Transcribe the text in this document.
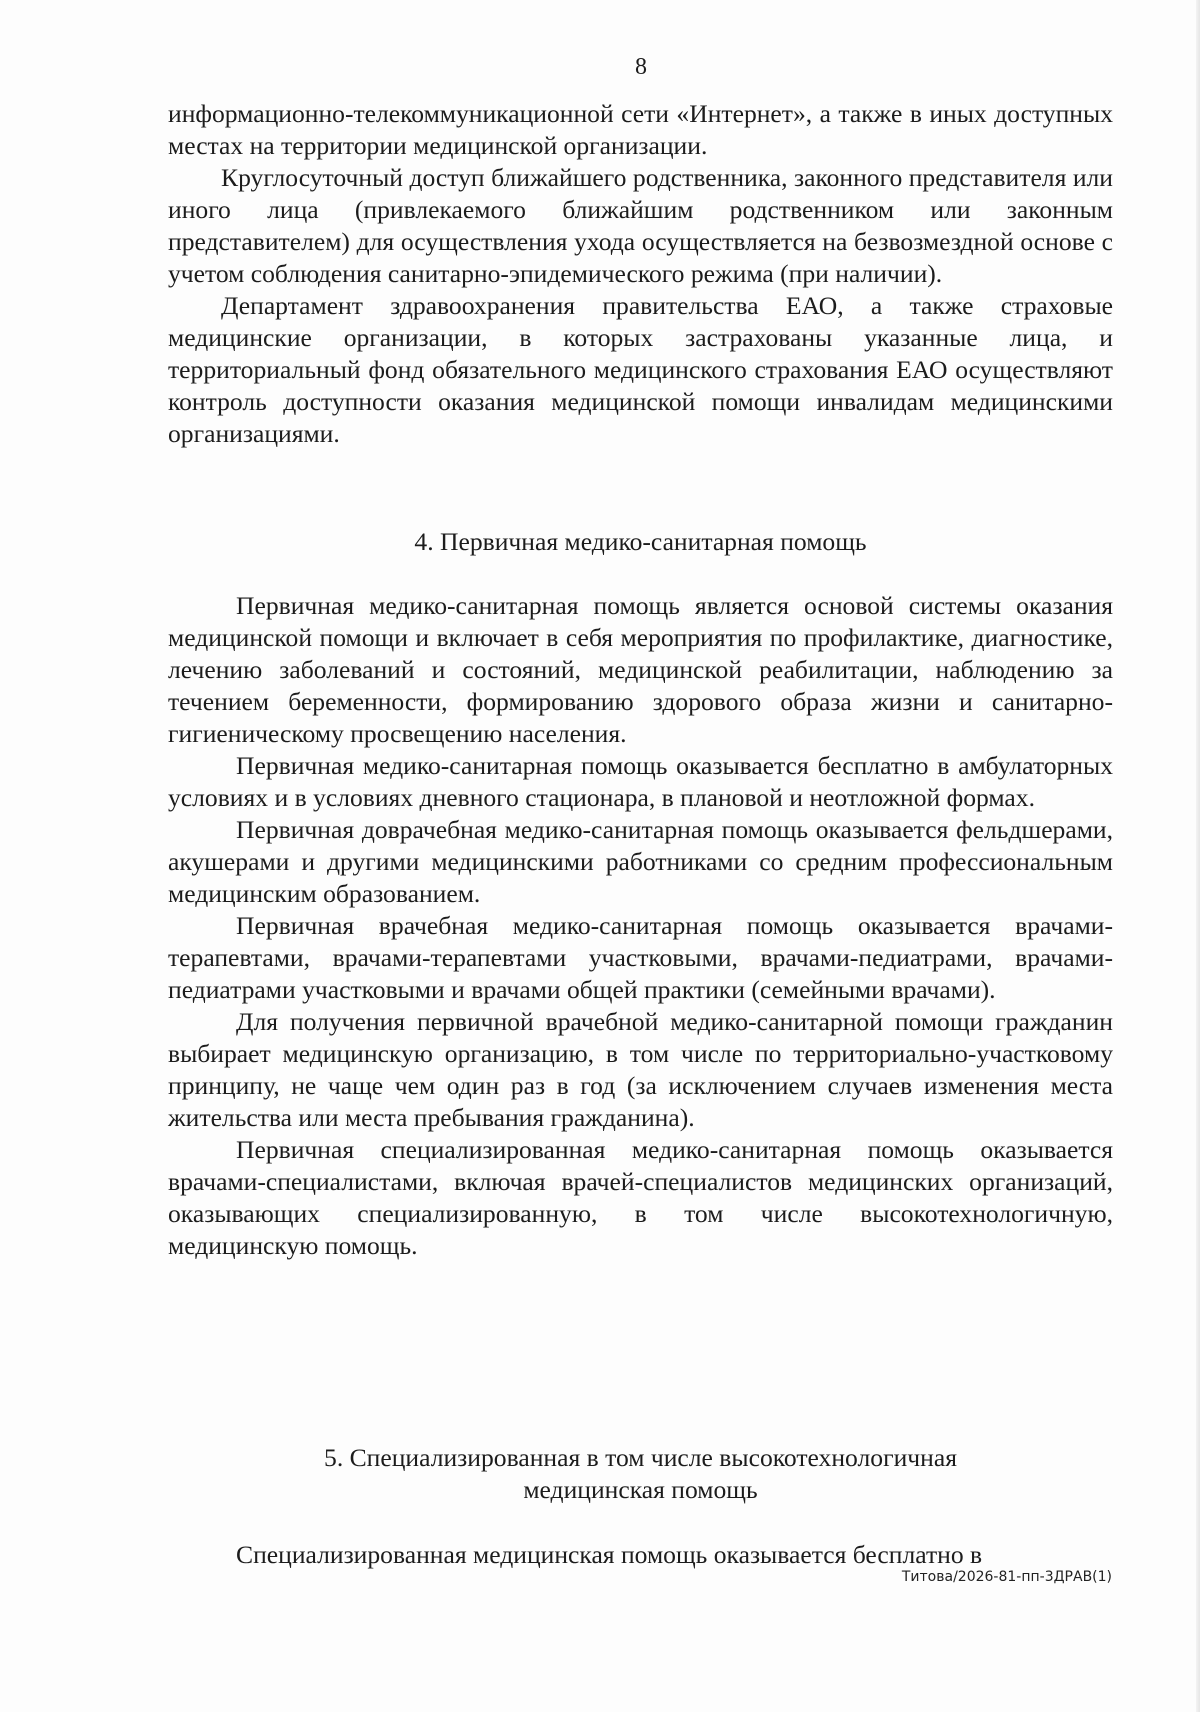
8

информационно-телекоммуникационной сети «Интернет», а также в иных доступных местах на территории медицинской организации.

Круглосуточный доступ ближайшего родственника, законного представителя или иного лица (привлекаемого ближайшим родственником или законным представителем) для осуществления ухода осуществляется на безвозмездной основе с учетом соблюдения санитарно-эпидемического режима (при наличии).

Департамент здравоохранения правительства ЕАО, а также страховые медицинские организации, в которых застрахованы указанные лица, и территориальный фонд обязательного медицинского страхования ЕАО осуществляют контроль доступности оказания медицинской помощи инвалидам медицинскими организациями.

4. Первичная медико-санитарная помощь

Первичная медико-санитарная помощь является основой системы оказания медицинской помощи и включает в себя мероприятия по профилактике, диагностике, лечению заболеваний и состояний, медицинской реабилитации, наблюдению за течением беременности, формированию здорового образа жизни и санитарно-гигиеническому просвещению населения.

Первичная медико-санитарная помощь оказывается бесплатно в амбулаторных условиях и в условиях дневного стационара, в плановой и неотложной формах.

Первичная доврачебная медико-санитарная помощь оказывается фельдшерами, акушерами и другими медицинскими работниками со средним профессиональным медицинским образованием.

Первичная врачебная медико-санитарная помощь оказывается врачами-терапевтами, врачами-терапевтами участковыми, врачами-педиатрами, врачами-педиатрами участковыми и врачами общей практики (семейными врачами).

Для получения первичной врачебной медико-санитарной помощи гражданин выбирает медицинскую организацию, в том числе по территориально-участковому принципу, не чаще чем один раз в год (за исключением случаев изменения места жительства или места пребывания гражданина).

Первичная специализированная медико-санитарная помощь оказывается врачами-специалистами, включая врачей-специалистов медицинских организаций, оказывающих специализированную, в том числе высокотехнологичную, медицинскую помощь.

5. Специализированная в том числе высокотехнологичная
медицинская помощь

Специализированная медицинская помощь оказывается бесплатно в

Титова/2026-81-пп-3ДРАВ(1)
